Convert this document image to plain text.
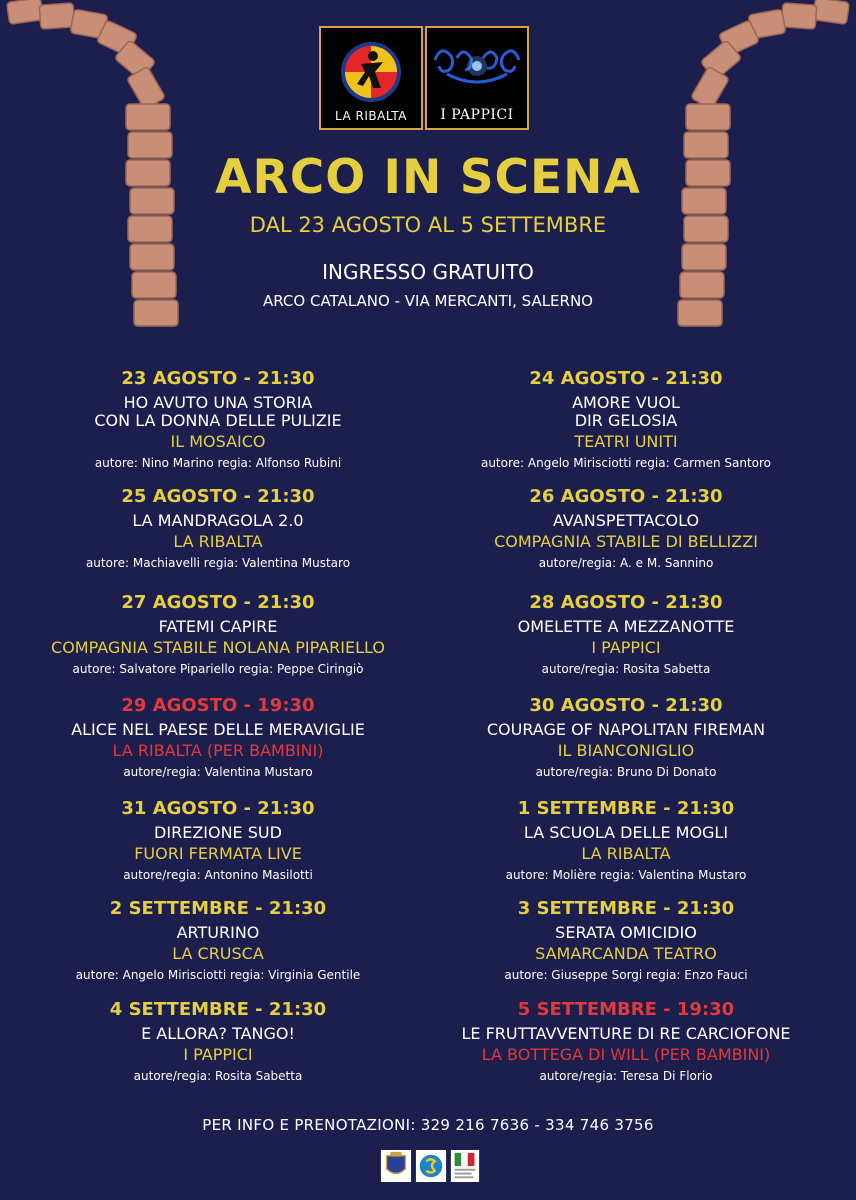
LA RIBALTA	I PAPPICI
ARCO IN SCENA
DAL 23 AGOSTO AL 5 SETTEMBRE
INGRESSO GRATUITO
ARCO CATALANO - VIA MERCANTI, SALERNO
23 AGOSTO - 21:30
HO AVUTO UNA STORIA
CON LA DONNA DELLE PULIZIE
IL MOSAICO
autore: Nino Marino regia: Alfonso Rubini
24 AGOSTO - 21:30
AMORE VUOL
DIR GELOSIA
TEATRI UNITI
autore: Angelo Mirisciotti regia: Carmen Santoro
25 AGOSTO - 21:30
LA MANDRAGOLA 2.0
LA RIBALTA
autore: Machiavelli regia: Valentina Mustaro
26 AGOSTO - 21:30
AVANSPETTACOLO
COMPAGNIA STABILE DI BELLIZZI
autore/regia: A. e M. Sannino
27 AGOSTO - 21:30
FATEMI CAPIRE
COMPAGNIA STABILE NOLANA PIPARIELLO
autore: Salvatore Pipariello regia: Peppe Ciringiò
28 AGOSTO - 21:30
OMELETTE A MEZZANOTTE
I PAPPICI
autore/regia: Rosita Sabetta
29 AGOSTO - 19:30
ALICE NEL PAESE DELLE MERAVIGLIE
LA RIBALTA (PER BAMBINI)
autore/regia: Valentina Mustaro
30 AGOSTO - 21:30
COURAGE OF NAPOLITAN FIREMAN
IL BIANCONIGLIO
autore/regia: Bruno Di Donato
31 AGOSTO - 21:30
DIREZIONE SUD
FUORI FERMATA LIVE
autore/regia: Antonino Masilotti
1 SETTEMBRE - 21:30
LA SCUOLA DELLE MOGLI
LA RIBALTA
autore: Molière regia: Valentina Mustaro
2 SETTEMBRE - 21:30
ARTURINO
LA CRUSCA
autore: Angelo Mirisciotti regia: Virginia Gentile
3 SETTEMBRE - 21:30
SERATA OMICIDIO
SAMARCANDA TEATRO
autore: Giuseppe Sorgi regia: Enzo Fauci
4 SETTEMBRE - 21:30
E ALLORA? TANGO!
I PAPPICI
autore/regia: Rosita Sabetta
5 SETTEMBRE - 19:30
LE FRUTTAVVENTURE DI RE CARCIOFONE
LA BOTTEGA DI WILL (PER BAMBINI)
autore/regia: Teresa Di Florio
PER INFO E PRENOTAZIONI: 329 216 7636 - 334 746 3756
